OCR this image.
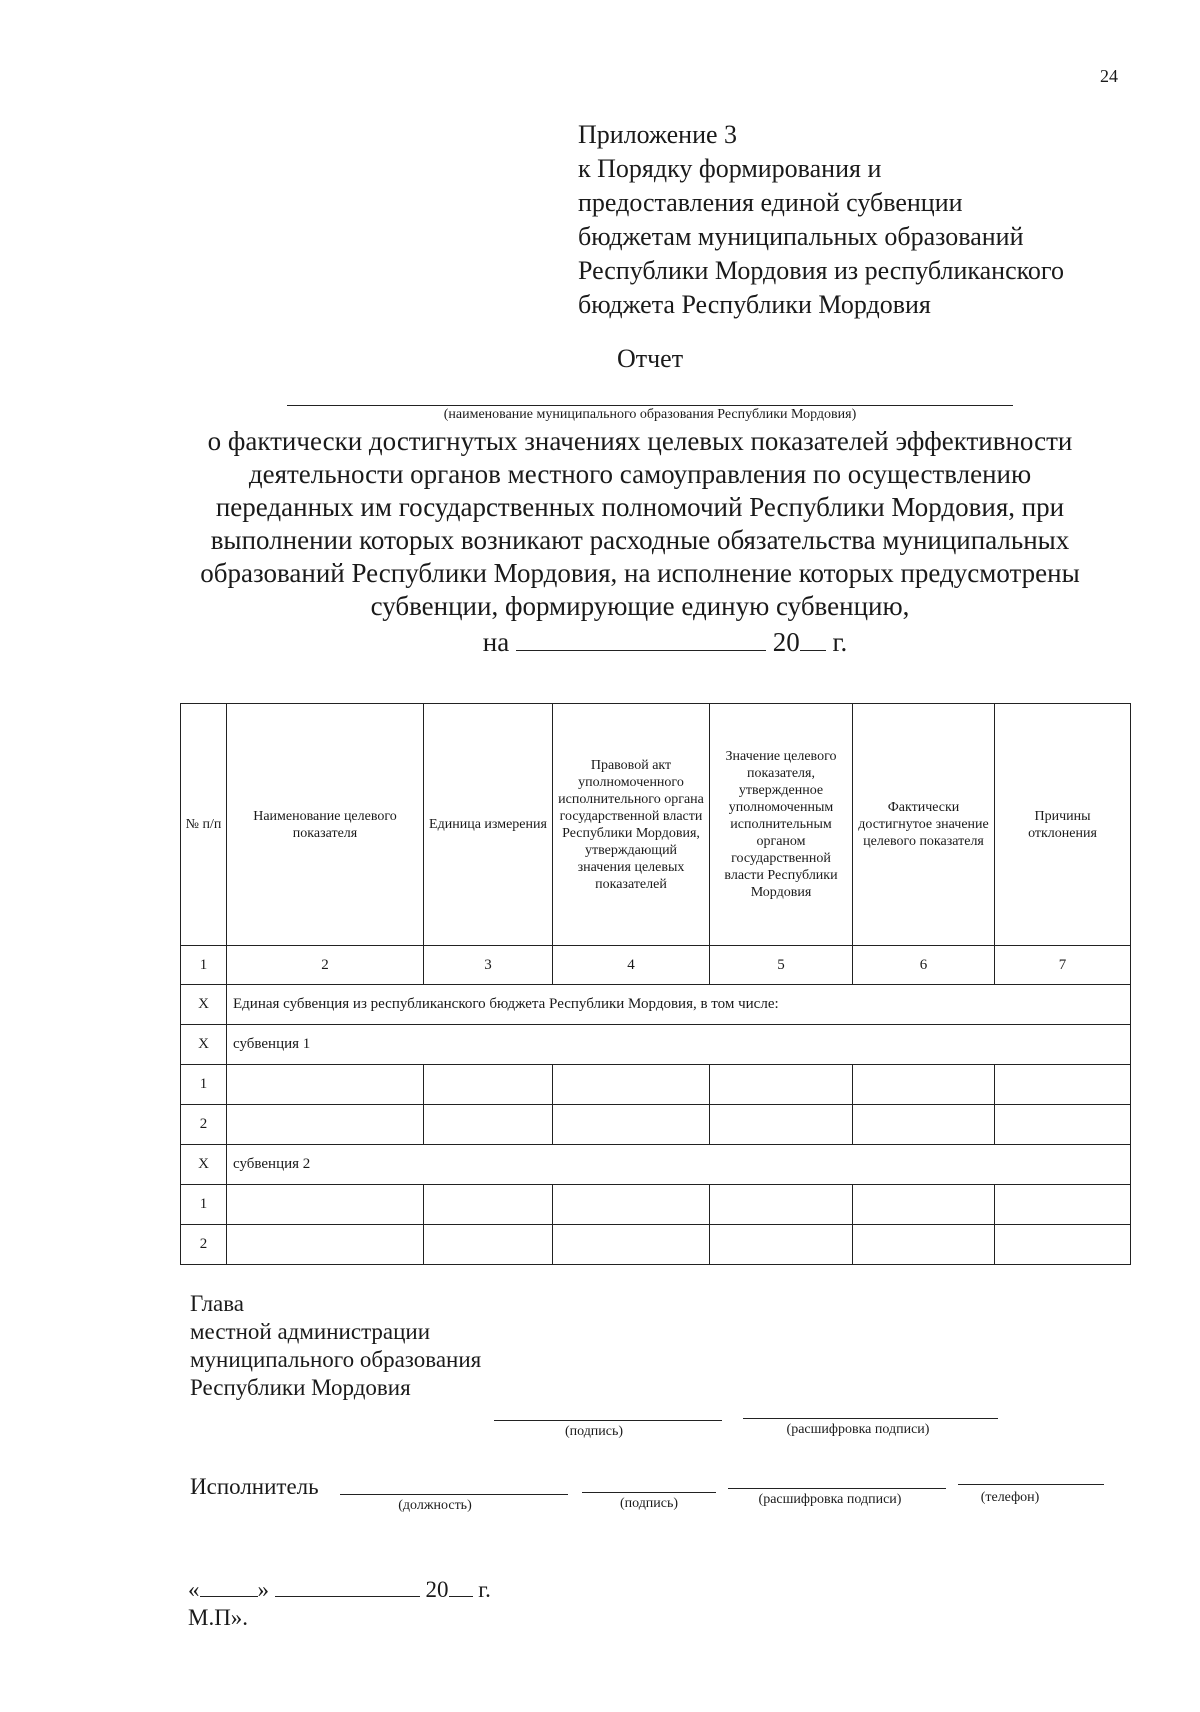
24
Приложение 3
к Порядку формирования и
предоставления единой субвенции
бюджетам муниципальных образований
Республики Мордовия из республиканского
бюджета Республики Мордовия
Отчет
(наименование муниципального образования Республики Мордовия)
о фактически достигнутых значениях целевых показателей эффективности
деятельности органов местного самоуправления по осуществлению
переданных им государственных полномочий Республики Мордовия, при
выполнении которых возникают расходные обязательства муниципальных
образований Республики Мордовия, на исполнение которых предусмотрены
субвенции, формирующие единую субвенцию,
на	20 г.
№ п/п	Наименование целевого показателя	Единица измерения	Правовой акт уполномоченного исполнительного органа государственной власти Республики Мордовия, утверждающий значения целевых показателей	Значение целевого показателя, утвержденное уполномоченным исполнительным органом государственной власти Республики Мордовия	Фактически достигнутое значение целевого показателя	Причины отклонения
1	2	3	4	5	6	7
X	Единая субвенция из республиканского бюджета Республики Мордовия, в том числе:					
X	субвенция 1					
1						
2						
X	субвенция 2					
1						
2						
Глава
местной администрации
муниципального образования
Республики Мордовия
(подпись)	(расшифровка подписи)
Исполнитель
(должность)	(подпись)	(расшифровка подписи)	(телефон)
«	»	20 г.
М.П».
